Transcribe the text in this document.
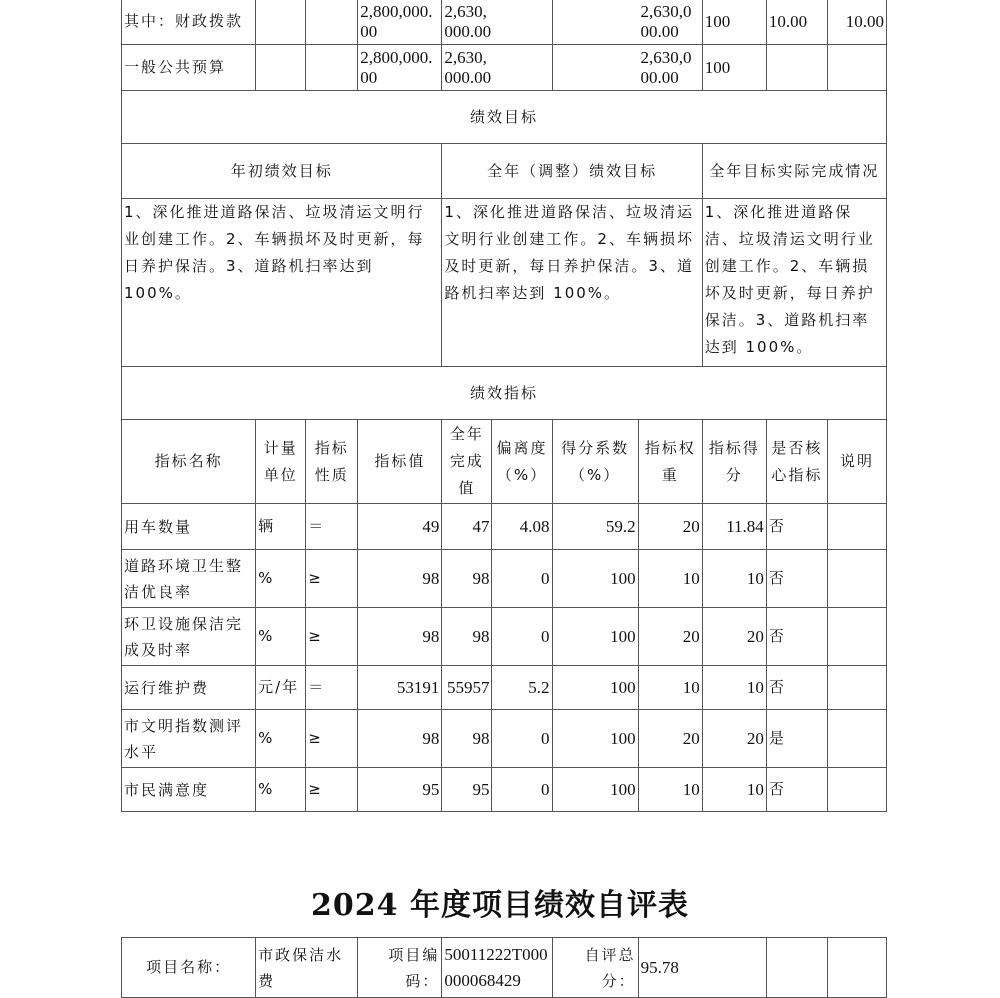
其中：财政拨款			2,800,000.00	2,630,000.00		2,630,000.00		100	10.00	10.00
一般公共预算			2,800,000.00	2,630,000.00		2,630,000.00		100		
绩效目标										
年初绩效目标				全年（调整）绩效目标				全年目标实际完成情况		
1、深化推进道路保洁、垃圾清运文明行业创建工作。2、车辆损坏及时更新，每日养护保洁。3、道路机扫率达到 100%。				1、深化推进道路保洁、垃圾清运文明行业创建工作。2、车辆损坏及时更新，每日养护保洁。3、道路机扫率达到 100%。				1、深化推进道路保洁、垃圾清运文明行业创建工作。2、车辆损坏及时更新，每日养护保洁。3、道路机扫率达到 100%。		
绩效指标										
指标名称	计量单位	指标性质	指标值	全年完成值	偏离度（%）	得分系数（%）	指标权重	指标得分	是否核心指标	说明
用车数量	辆	＝	49	47	4.08	59.2	20	11.84	否	
道路环境卫生整洁优良率	%	≥	98	98	0	100	10	10	否	
环卫设施保洁完成及时率	%	≥	98	98	0	100	20	20	否	
运行维护费	元/年	＝	53191	55957	5.2	100	10	10	否	
市文明指数测评水平	%	≥	98	98	0	100	20	20	是	
市民满意度	%	≥	95	95	0	100	10	10	否	
2024 年度项目绩效自评表
项目名称：	市政保洁水费	项目编码：	50011222T000000068429	自评总分：	95.78		
